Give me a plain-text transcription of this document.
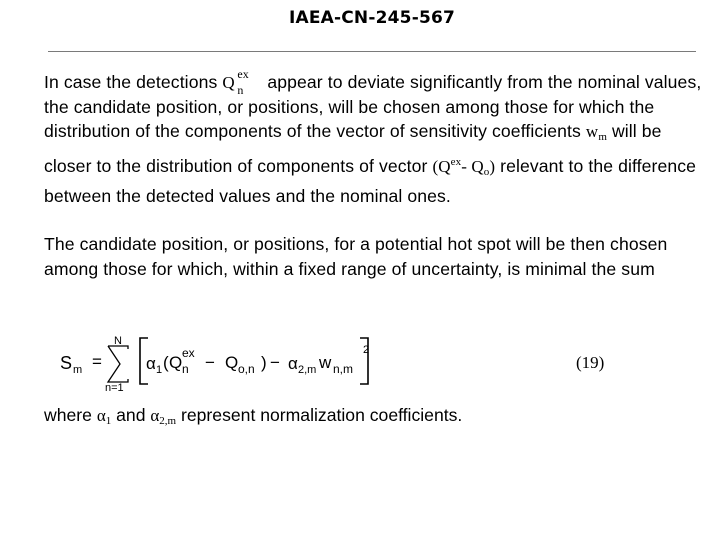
IAEA-CN-245-567
In case the detections Q ex
n appear to deviate significantly from the nominal values, the candidate position, or positions, will be chosen among those for which the distribution of the components of the vector of sensitivity coefficients $w_m$ will be closer to the distribution of components of vector ($Q^{ex}-$ $Q_o$) relevant to the difference between the detected values and the nominal ones.
The candidate position, or positions, for a potential hot spot will be then chosen among those for which, within a fixed range of uncertainty, is minimal the sum
S m =
N
n=1
α 1 ( Q ex
n − Q o,n ) − α 2,m w n,m
2
(19)
where $\alpha_1$ and $\alpha_{2,m}$ represent normalization coefficients.
